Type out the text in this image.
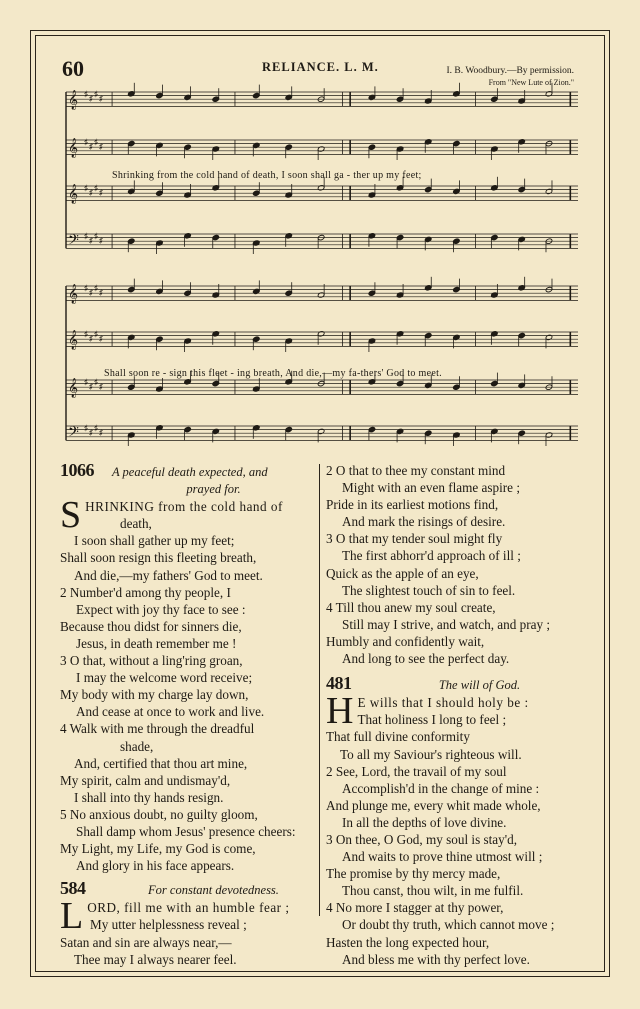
60	RELIANCE. L. M.	I. B. Woodbury.—By permission.
From "New Lute of Zion."
𝄞 ♯
♯
♯
♯
𝄞 ♯
♯
♯
♯
𝄞 ♯
♯
♯
♯
𝄢 ♯
♯
♯
♯
𝄞 ♯
♯
♯
♯
𝄞 ♯
♯
♯
♯
𝄞 ♯
♯
♯
♯
𝄢 ♯
♯
♯
♯
Shrinking from the cold hand of death, I soon shall ga - ther up my feet;
Shall soon re - sign this fleet - ing breath, And die,—my fa-thers' God to meet.
1066	A peaceful death expected, and
prayed for.
S HRINKING from the cold hand of
death,
I soon shall gather up my feet;
Shall soon resign this fleeting breath,
And die,—my fathers' God to meet.
2 Number'd among thy people, I
Expect with joy thy face to see :
Because thou didst for sinners die,
Jesus, in death remember me !
3 O that, without a ling'ring groan,
I may the welcome word receive;
My body with my charge lay down,
And cease at once to work and live.
4 Walk with me through the dreadful
shade,
And, certified that thou art mine,
My spirit, calm and undismay'd,
I shall into thy hands resign.
5 No anxious doubt, no guilty gloom,
Shall damp whom Jesus' presence cheers:
My Light, my Life, my God is come,
And glory in his face appears.
584	For constant devotedness.
L ORD, fill me with an humble fear ;
My utter helplessness reveal ;
Satan and sin are always near,—
Thee may I always nearer feel.
2 O that to thee my constant mind
Might with an even flame aspire ;
Pride in its earliest motions find,
And mark the risings of desire.
3 O that my tender soul might fly
The first abhorr'd approach of ill ;
Quick as the apple of an eye,
The slightest touch of sin to feel.
4 Till thou anew my soul create,
Still may I strive, and watch, and pray ;
Humbly and confidently wait,
And long to see the perfect day.
481	The will of God.
H E wills that I should holy be :
That holiness I long to feel ;
That full divine conformity
To all my Saviour's righteous will.
2 See, Lord, the travail of my soul
Accomplish'd in the change of mine :
And plunge me, every whit made whole,
In all the depths of love divine.
3 On thee, O God, my soul is stay'd,
And waits to prove thine utmost will ;
The promise by thy mercy made,
Thou canst, thou wilt, in me fulfil.
4 No more I stagger at thy power,
Or doubt thy truth, which cannot move ;
Hasten the long expected hour,
And bless me with thy perfect love.
